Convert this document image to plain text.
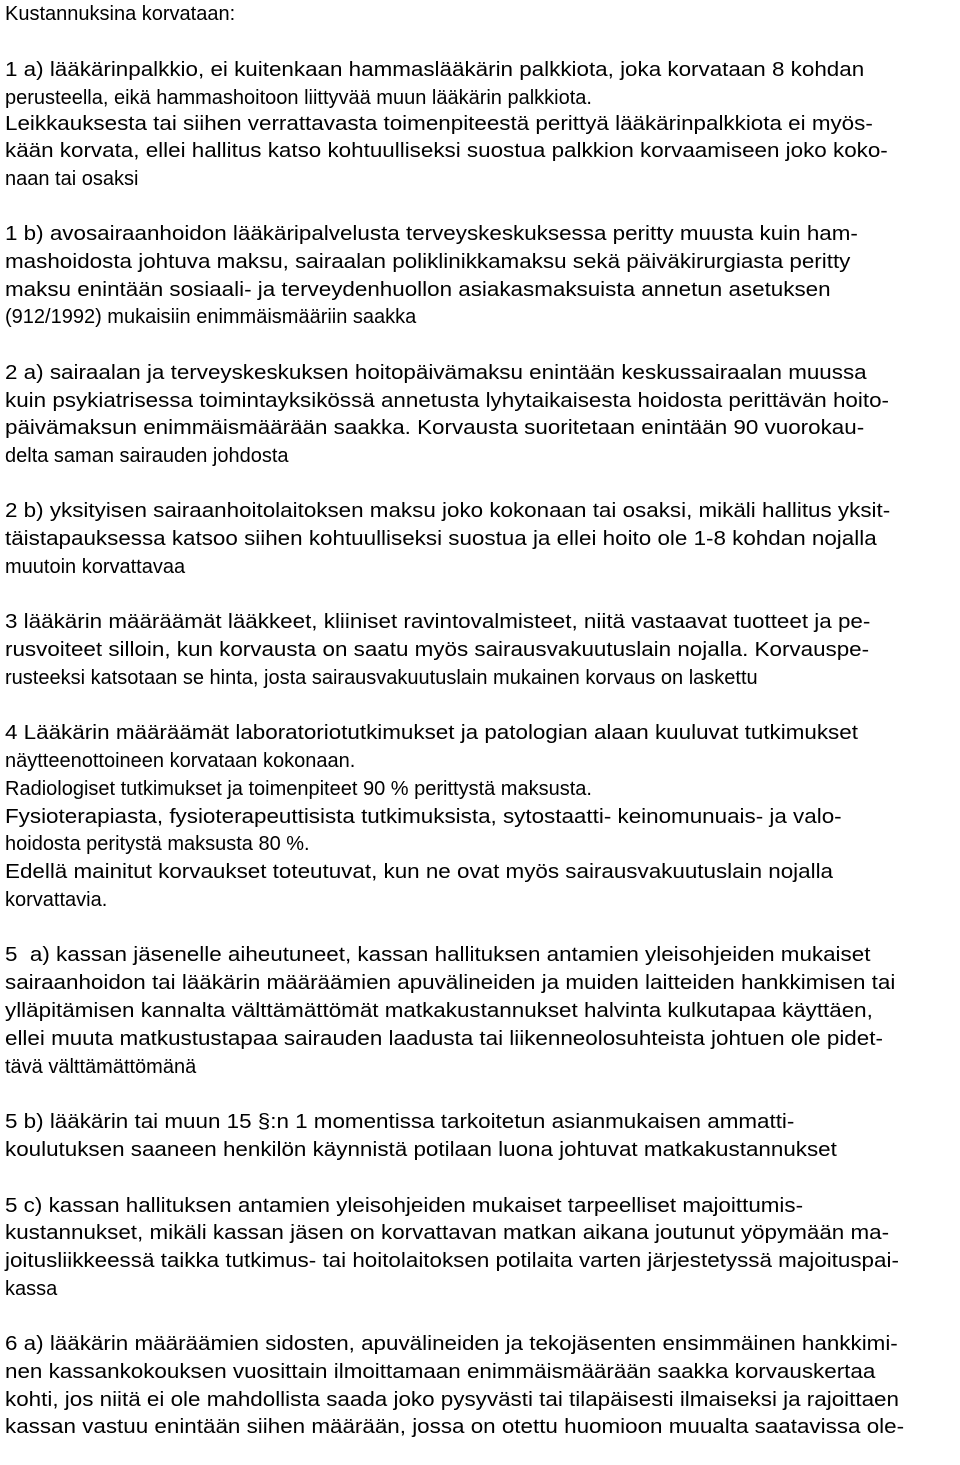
Kustannuksina korvataan:
1 a) lääkärinpalkkio, ei kuitenkaan hammaslääkärin palkkiota, joka korvataan 8 kohdan
perusteella, eikä hammashoitoon liittyvää muun lääkärin palkkiota.
Leikkauksesta tai siihen verrattavasta toimenpiteestä perittyä lääkärinpalkkiota ei myös-
kään korvata, ellei hallitus katso kohtuulliseksi suostua palkkion korvaamiseen joko koko-
naan tai osaksi
1 b) avosairaanhoidon lääkäripalvelusta terveyskeskuksessa peritty muusta kuin ham-
mashoidosta johtuva maksu, sairaalan poliklinikkamaksu sekä päiväkirurgiasta peritty
maksu enintään sosiaali- ja terveydenhuollon asiakasmaksuista annetun asetuksen
(912/1992) mukaisiin enimmäismääriin saakka
2 a) sairaalan ja terveyskeskuksen hoitopäivämaksu enintään keskussairaalan muussa
kuin psykiatrisessa toimintayksikössä annetusta lyhytaikaisesta hoidosta perittävän hoito-
päivämaksun enimmäismäärään saakka. Korvausta suoritetaan enintään 90 vuorokau-
delta saman sairauden johdosta
2 b) yksityisen sairaanhoitolaitoksen maksu joko kokonaan tai osaksi, mikäli hallitus yksit-
täistapauksessa katsoo siihen kohtuulliseksi suostua ja ellei hoito ole 1-8 kohdan nojalla
muutoin korvattavaa
3 lääkärin määräämät lääkkeet, kliiniset ravintovalmisteet, niitä vastaavat tuotteet ja pe-
rusvoiteet silloin, kun korvausta on saatu myös sairausvakuutuslain nojalla. Korvauspe-
rusteeksi katsotaan se hinta, josta sairausvakuutuslain mukainen korvaus on laskettu
4 Lääkärin määräämät laboratoriotutkimukset ja patologian alaan kuuluvat tutkimukset
näytteenottoineen korvataan kokonaan.
Radiologiset tutkimukset ja toimenpiteet 90 % perittystä maksusta.
Fysioterapiasta, fysioterapeuttisista tutkimuksista, sytostaatti- keinomunuais- ja valo-
hoidosta peritystä maksusta 80 %.
Edellä mainitut korvaukset toteutuvat, kun ne ovat myös sairausvakuutuslain nojalla
korvattavia.
5  a) kassan jäsenelle aiheutuneet, kassan hallituksen antamien yleisohjeiden mukaiset
sairaanhoidon tai lääkärin määräämien apuvälineiden ja muiden laitteiden hankkimisen tai
ylläpitämisen kannalta välttämättömät matkakustannukset halvinta kulkutapaa käyttäen,
ellei muuta matkustustapaa sairauden laadusta tai liikenneolosuhteista johtuen ole pidet-
tävä välttämättömänä
5 b) lääkärin tai muun 15 §:n 1 momentissa tarkoitetun asianmukaisen ammatti-
koulutuksen saaneen henkilön käynnistä potilaan luona johtuvat matkakustannukset
5 c) kassan hallituksen antamien yleisohjeiden mukaiset tarpeelliset majoittumis-
kustannukset, mikäli kassan jäsen on korvattavan matkan aikana joutunut yöpymään ma-
joitusliikkeessä taikka tutkimus- tai hoitolaitoksen potilaita varten järjestetyssä majoituspai-
kassa
6 a) lääkärin määräämien sidosten, apuvälineiden ja tekojäsenten ensimmäinen hankkimi-
nen kassankokouksen vuosittain ilmoittamaan enimmäismäärään saakka korvauskertaa
kohti, jos niitä ei ole mahdollista saada joko pysyvästi tai tilapäisesti ilmaiseksi ja rajoittaen
kassan vastuu enintään siihen määrään, jossa on otettu huomioon muualta saatavissa ole-
